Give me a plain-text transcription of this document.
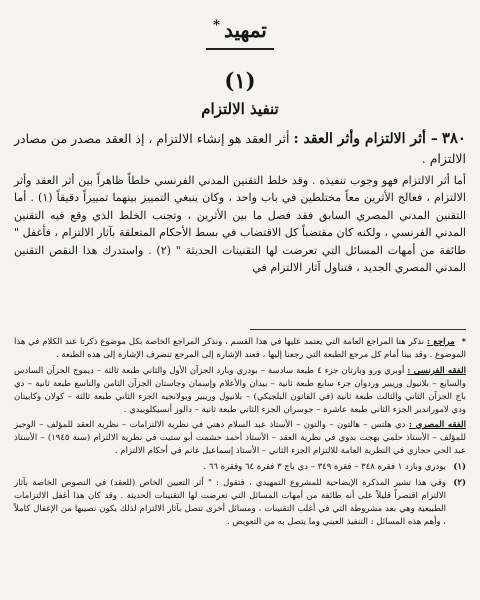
تمهيد*
(١)
تنفيذ الالتزام
٣٨٠ – أثر الالتزام وأثر العقد : أثر العقد هو إنشاء الالتزام ، إذ العقد مصدر من مصادر الالتزام .
أما أثر الالتزام فهو وجوب تنفيذه . وقد خلط التقنين المدني الفرنسي خلطاً ظاهراً بين أثر العقد وأثر الالتزام ، فعالج الأثرين معاً مختلطين في باب واحد ، وكان ينبغي التمييز بينهما تمييزاً دقيقاً (١) . أما التقنين المدني المصري السابق فقد فصل ما بين الأثرين ، وتجنب الخلط الذي وقع فيه التقنين المدني الفرنسي ، ولكنه كان مقتضباً كل الاقتضاب في بسط الأحكام المتعلقة بآثار الالتزام ، فأغفل " طائفة من أمهات المسائل التي تعرضت لها التقنينات الحديثة " (٢) . واستدرك هذا النقص التقنين المدني المصري الجديد ، فتناول آثار الالتزام في
* مراجع : نذكر هنا المراجع العامة التي يعتمد عليها في هذا القسم ، ونذكر المراجع الخاصة بكل موضوع ذكرنا عند الكلام في هذا الموضوع . وقد بينا أمام كل مرجع الطبعة التي رجعنا إليها ، فعند الإشارة إلى المرجع تنصرف الإشارة إلى هذه الطبعة .
الفقه الفرنسي : أوبري ورو وبارتان جزء ٤ طبعة سادسة – بودري وبارد الجزآن الأول والثاني طبعة ثالثة – ديموج الجزآن السادس والسابع – بلانيول وريبير وردوان جزء سابع طبعة ثانية – بيدان والأعلام وإسمان وجاستان الجزآن الثامن والتاسع طبعة ثانية – دي باج الجزآن الثاني والثالث طبعة ثانية (في القانون البلجيكي) – بلانيول وريبير وبولانجيه الجزء الثاني طبعة ثالثة – كولان وكابيتان ودي لاموراندير الجزء الثاني طبعة عاشرة – جوسران الجزء الثاني طبعة ثانية – دالوز أنسيكلوبيدي .
الفقه المصري : دي هلتس – هالتون – والتون – الأستاذ عبد السلام ذهني في نظرية الالتزامات – نظرية العقد للمؤلف – الوجيز للمؤلف – الأستاذ حلمي بهجت بدوي في نظرية العقد – الأستاذ أحمد حشمت أبو ستيت في نظرية الالتزام (سنة ١٩٤٥) – الأستاذ عبد الحي حجازي في النظرية العامة للالتزام الجزء الثاني – الأستاذ إسماعيل غانم في أحكام الالتزام .
(١)
بودري وبارد ١ فقرة ٣٤٨ – فقرة ٣٤٩ – دي باج ٣ فقرة ٦٤ وفقرة ٦٦ .
(٢)
وفي هذا تشير المذكرة الإيضاحية للمشروع التمهيدي ، فتقول : " أثر التعيين الخاص (للعقد) في النصوص الخاصة بآثار الالتزام اقتصراً قليلاً على أنه طائفة من أمهات المسائل التي تعرضت لها التقنينات الحديثة . وقد كان هذا أغفل الالتزامات الطبيعية وهي بعد مشروطة التي في أغلب التقنينات ، ومسائل أخرى تتصل بآثار الالتزام لذلك يكون نصيبها من الإغفال كاملاً ، وأهم هذه المسائل : التنفيذ العيني وما يتصل به من التعويض .
